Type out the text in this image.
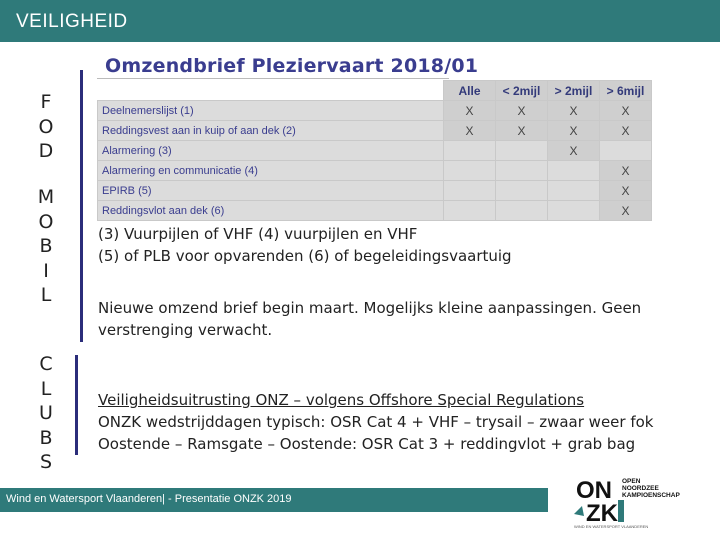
VEILIGHEID
F
O
D
M
O
B
I
L
C
L
U
B
S
Omzendbrief Pleziervaart 2018/01
	Alle	< 2mijl	> 2mijl	> 6mijl
Deelnemerslijst (1)	X	X	X	X
Reddingsvest aan in kuip of aan dek (2)	X	X	X	X
Alarmering (3)			X	
Alarmering en communicatie (4)				X
EPIRB (5)				X
Reddingsvlot aan dek (6)				X
(3) Vuurpijlen of VHF (4) vuurpijlen en VHF
(5) of PLB voor opvarenden (6) of begeleidingsvaartuig
Nieuwe omzend brief begin maart. Mogelijks kleine aanpassingen. Geen
verstrenging verwacht.
Veiligheidsuitrusting ONZ – volgens Offshore Special Regulations
ONZK wedstrijddagen typisch: OSR Cat 4 + VHF – trysail – zwaar weer fok
Oostende – Ramsgate – Oostende: OSR Cat 3 + reddingvlot + grab bag
Wind en Watersport Vlaanderen| - Presentatie ONZK 2019	ON
ZK
OPEN
NOORDZEE
KAMPIOENSCHAP
WIND EN WATERSPORT VLAANDEREN
